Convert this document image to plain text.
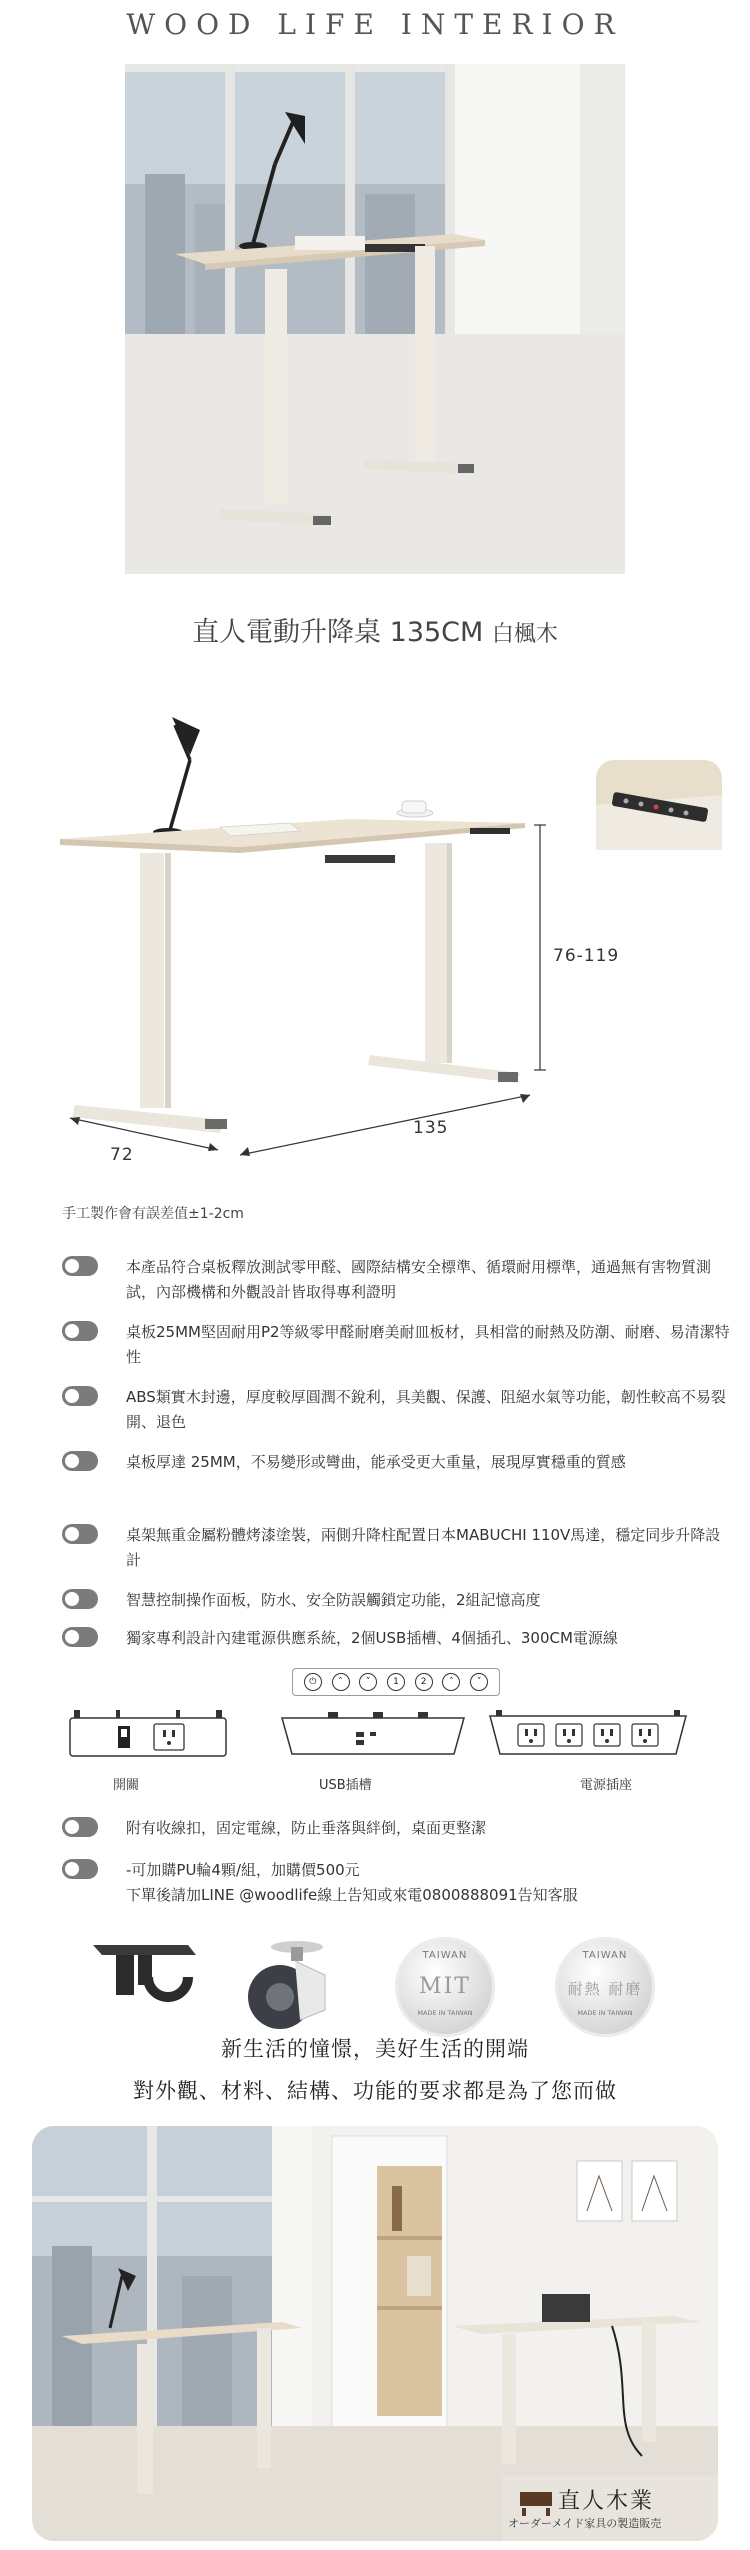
WOOD LIFE INTERIOR
直人電動升降桌 135CM 白楓木
76-119
135
72
手工製作會有誤差值±1-2cm
本產品符合桌板釋放測試零甲醛、國際結構安全標準、循環耐用標準，通過無有害物質測試，內部機構和外觀設計皆取得專利證明
桌板25MM堅固耐用P2等級零甲醛耐磨美耐皿板材，具相當的耐熱及防潮、耐磨、易清潔特性
ABS類實木封邊，厚度較厚圓潤不銳利，具美觀、保護、阻絕水氣等功能，韌性較高不易裂開、退色
桌板厚達 25MM，不易變形或彎曲，能承受更大重量，展現厚實穩重的質感
桌架無重金屬粉體烤漆塗裝，兩側升降柱配置日本MABUCHI 110V馬達，穩定同步升降設計
智慧控制操作面板，防水、安全防誤觸鎖定功能，2組記憶高度
獨家專利設計內建電源供應系統，2個USB插槽、4個插孔、300CM電源線
⏻	˄	˅	1	2	˄	˅
開關	USB插槽	電源插座
附有收線扣，固定電線，防止垂落與絆倒，桌面更整潔
-可加購PU輪4顆/組，加購價500元
下單後請加LINE @woodlife線上告知或來電0800888091告知客服
TAIWAN
MIT
MADE IN TAIWAN
TAIWAN
耐熱 耐磨
MADE IN TAIWAN
新生活的憧憬，美好生活的開端
對外觀、材料、結構、功能的要求都是為了您而做
直人木業
オーダーメイド家具の製造販売
